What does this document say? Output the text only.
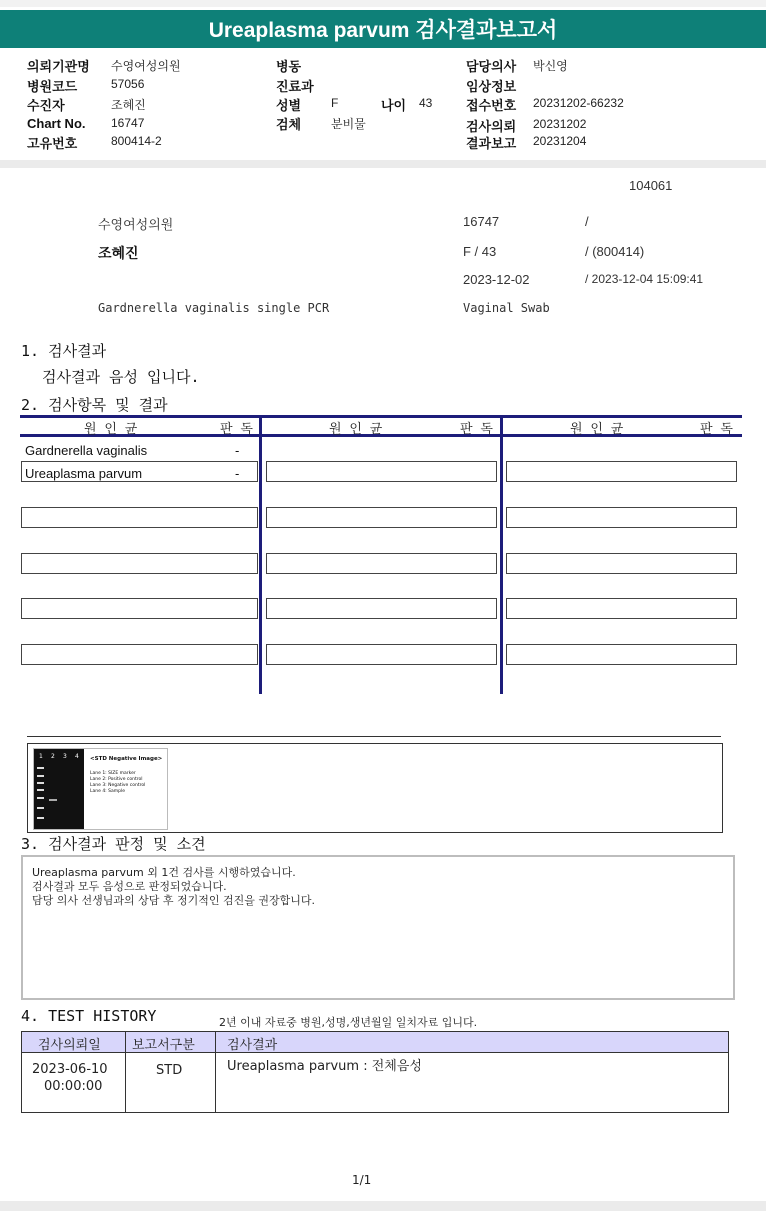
Ureaplasma parvum 검사결과보고서
의뢰기관명 수영여성의원
병원코드	57056
수진자	조혜진
Chart No. 16747
고유번호	800414-2
병동
진료과
성별 F	나이 43
검체 분비물
담당의사 박신영
임상정보
접수번호 20231202-66232
검사의뢰 20231202
결과보고 20231204
104061
수영여성의원	16747	/
조혜진	F / 43	/ (800414)
2023-12-02	/ 2023-12-04 15:09:41
Gardnerella vaginalis single PCR	Vaginal Swab
1. 검사결과
검사결과 음성 입니다.
2. 검사항목 및 결과
원 인 균	판 독	원 인 균	판 독	원 인 균	판 독
Gardnerella vaginalis	-
Ureaplasma parvum	-
1 2 3 4 <STD Negative Image>
Lane 1: SIZE marker
Lane 2: Positive control
Lane 3: Negative control
Lane 4: Sample
3. 검사결과 판정 및 소견
Ureaplasma parvum 외 1건 검사를 시행하였습니다.
검사결과 모두 음성으로 판정되었습니다.
담당 의사 선생님과의 상담 후 정기적인 검진을 권장합니다.
4. TEST HISTORY	2년 이내 자료중 병원,성명,생년월일 일치자료 입니다.
검사의뢰일 보고서구분 검사결과
2023-06-10
00:00:00
STD	Ureaplasma parvum : 전체음성
1/1
